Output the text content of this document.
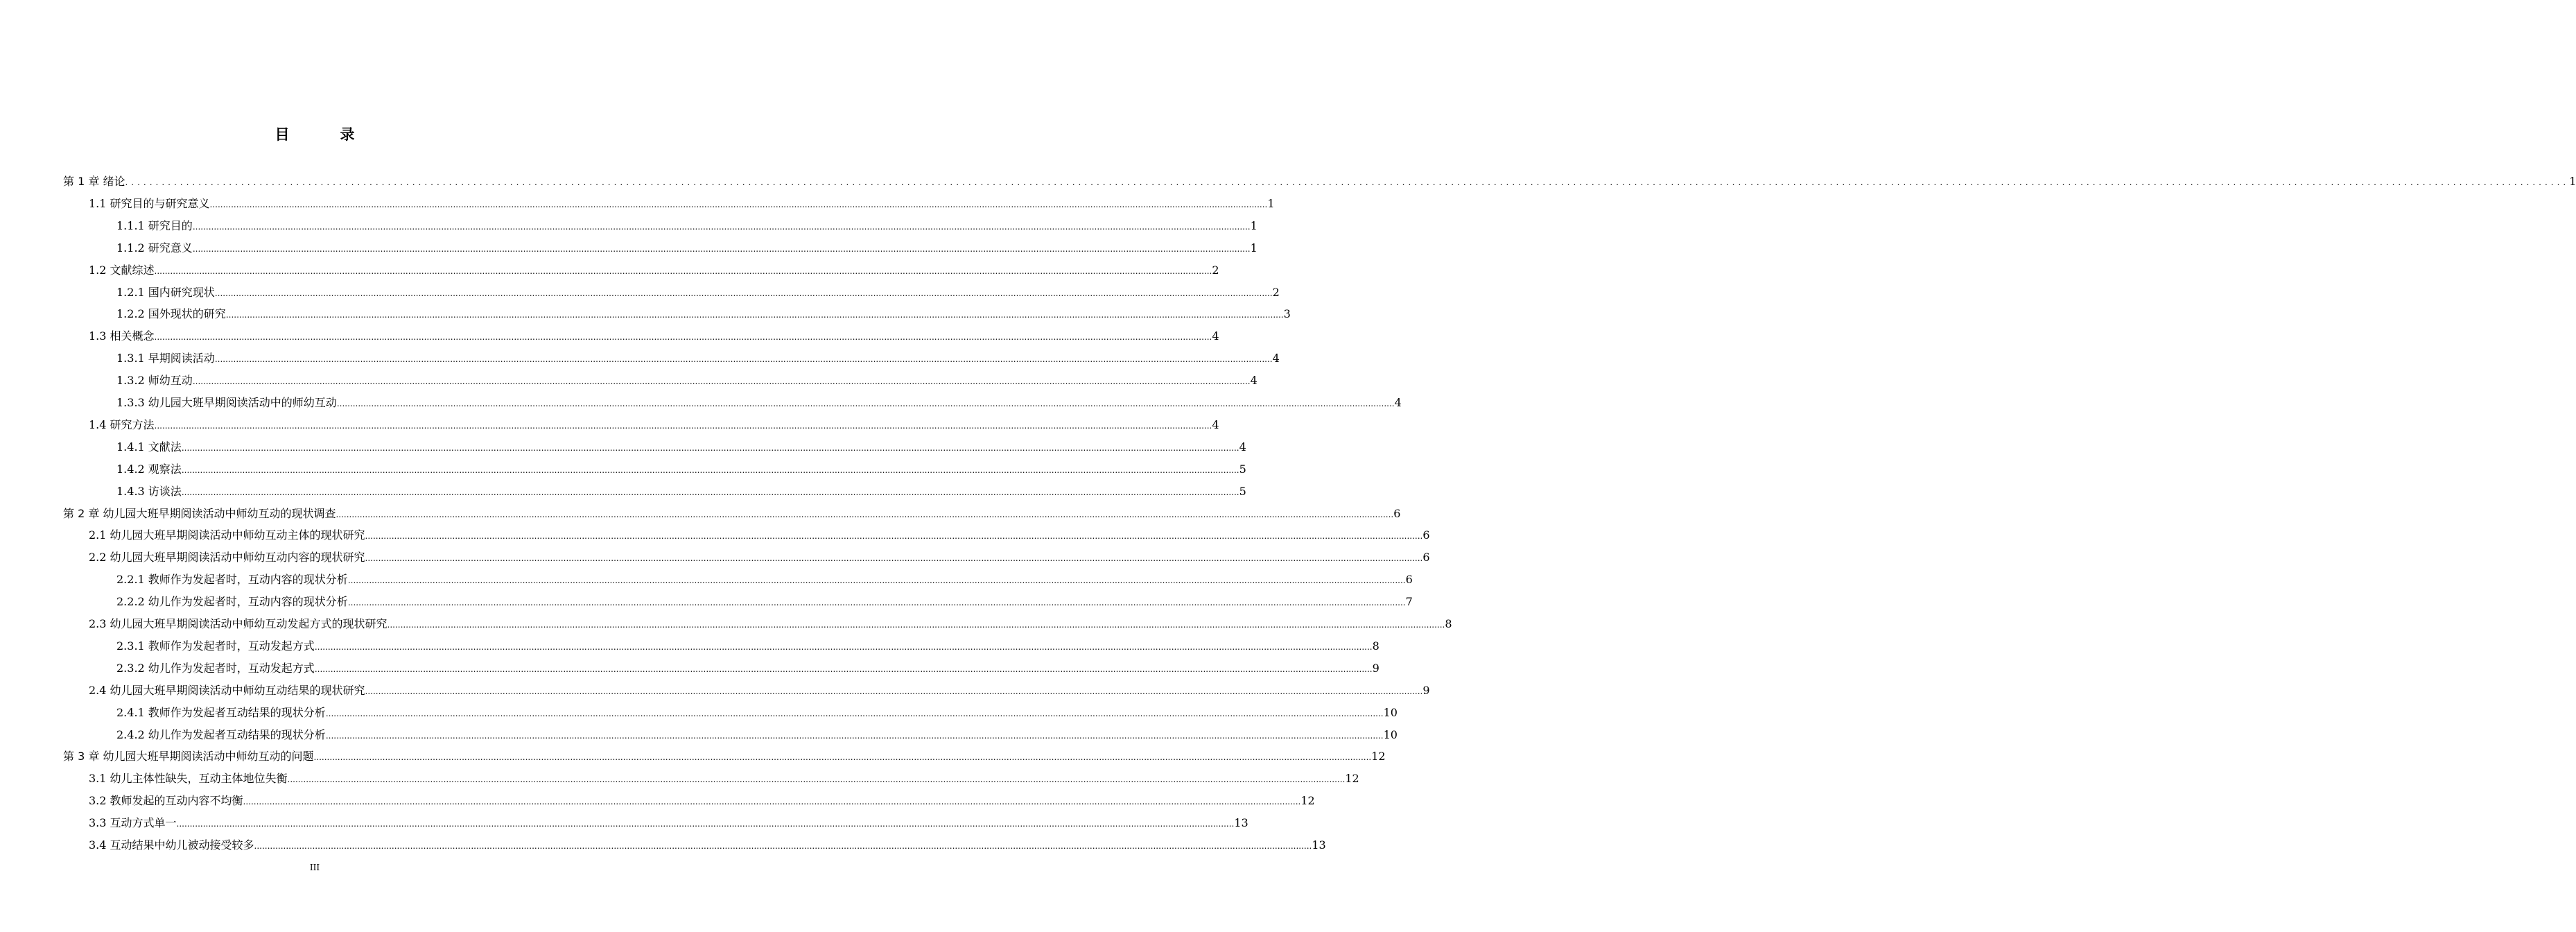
目　录
第 1 章 绪论 ................................................................................................................................................................................................................................................................................................................................................................................................................ 1
1.1 研究目的与研究意义 ................................................................................................................................................................................................................................................................................................................................................................................................................ 1
1.1.1 研究目的 ................................................................................................................................................................................................................................................................................................................................................................................................................ 1
1.1.2 研究意义 ................................................................................................................................................................................................................................................................................................................................................................................................................ 1
1.2 文献综述 ................................................................................................................................................................................................................................................................................................................................................................................................................ 2
1.2.1 国内研究现状 ................................................................................................................................................................................................................................................................................................................................................................................................................ 2
1.2.2 国外现状的研究 ................................................................................................................................................................................................................................................................................................................................................................................................................ 3
1.3 相关概念 ................................................................................................................................................................................................................................................................................................................................................................................................................ 4
1.3.1 早期阅读活动 ................................................................................................................................................................................................................................................................................................................................................................................................................ 4
1.3.2 师幼互动 ................................................................................................................................................................................................................................................................................................................................................................................................................ 4
1.3.3 幼儿园大班早期阅读活动中的师幼互动 ................................................................................................................................................................................................................................................................................................................................................................................................................ 4
1.4 研究方法 ................................................................................................................................................................................................................................................................................................................................................................................................................ 4
1.4.1 文献法 ................................................................................................................................................................................................................................................................................................................................................................................................................ 4
1.4.2 观察法 ................................................................................................................................................................................................................................................................................................................................................................................................................ 5
1.4.3 访谈法 ................................................................................................................................................................................................................................................................................................................................................................................................................ 5
第 2 章 幼儿园大班早期阅读活动中师幼互动的现状调查 ................................................................................................................................................................................................................................................................................................................................................................................................................ 6
2.1 幼儿园大班早期阅读活动中师幼互动主体的现状研究 ................................................................................................................................................................................................................................................................................................................................................................................................................ 6
2.2 幼儿园大班早期阅读活动中师幼互动内容的现状研究 ................................................................................................................................................................................................................................................................................................................................................................................................................ 6
2.2.1 教师作为发起者时，互动内容的现状分析 ................................................................................................................................................................................................................................................................................................................................................................................................................ 6
2.2.2 幼儿作为发起者时，互动内容的现状分析 ................................................................................................................................................................................................................................................................................................................................................................................................................ 7
2.3 幼儿园大班早期阅读活动中师幼互动发起方式的现状研究 ................................................................................................................................................................................................................................................................................................................................................................................................................ 8
2.3.1 教师作为发起者时，互动发起方式 ................................................................................................................................................................................................................................................................................................................................................................................................................ 8
2.3.2 幼儿作为发起者时，互动发起方式 ................................................................................................................................................................................................................................................................................................................................................................................................................ 9
2.4 幼儿园大班早期阅读活动中师幼互动结果的现状研究 ................................................................................................................................................................................................................................................................................................................................................................................................................ 9
2.4.1 教师作为发起者互动结果的现状分析 ................................................................................................................................................................................................................................................................................................................................................................................................................ 10
2.4.2 幼儿作为发起者互动结果的现状分析 ................................................................................................................................................................................................................................................................................................................................................................................................................ 10
第 3 章 幼儿园大班早期阅读活动中师幼互动的问题 ................................................................................................................................................................................................................................................................................................................................................................................................................ 12
3.1 幼儿主体性缺失，互动主体地位失衡 ................................................................................................................................................................................................................................................................................................................................................................................................................ 12
3.2 教师发起的互动内容不均衡 ................................................................................................................................................................................................................................................................................................................................................................................................................ 12
3.3 互动方式单一 ................................................................................................................................................................................................................................................................................................................................................................................................................ 13
3.4 互动结果中幼儿被动接受较多 ................................................................................................................................................................................................................................................................................................................................................................................................................ 13
III
